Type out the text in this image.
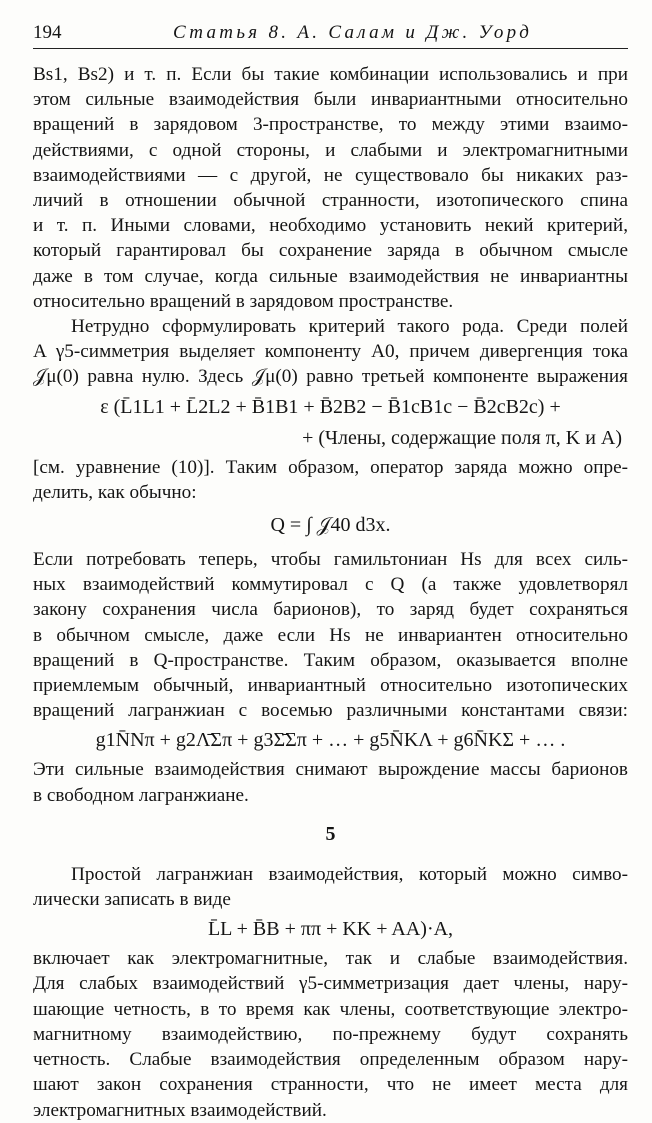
194	Статья 8. А. Салам и Дж. Уорд
Bs1, Bs2) и т. п. Если бы такие комбинации использовались и при
этом сильные взаимодействия были инвариантными относительно
вращений в зарядовом 3-пространстве, то между этими взаимо-
действиями, с одной стороны, и слабыми и электромагнитными
взаимодействиями — с другой, не существовало бы никаких раз-
личий в отношении обычной странности, изотопического спина
и т. п. Иными словами, необходимо установить некий критерий,
который гарантировал бы сохранение заряда в обычном смысле
даже в том случае, когда сильные взаимодействия не инвариантны
относительно вращений в зарядовом пространстве.
Нетрудно сформулировать критерий такого рода. Среди полей
A γ5-симметрия выделяет компоненту A0, причем дивергенция тока
𝒥μ(0) равна нулю. Здесь 𝒥μ(0) равно третьей компоненте выражения
ε (L̄1L1 + L̄2L2 + B̄1B1 + B̄2B2 − B̄1cB1c − B̄2cB2c) +
+ (Члены, содержащие поля π, K и A)
[см. уравнение (10)]. Таким образом, оператор заряда можно опре-
делить, как обычно:
Q = ∫ 𝒥40 d3x.
Если потребовать теперь, чтобы гамильтониан Hs для всех силь-
ных взаимодействий коммутировал с Q (а также удовлетворял
закону сохранения числа барионов), то заряд будет сохраняться
в обычном смысле, даже если Hs не инвариантен относительно
вращений в Q-пространстве. Таким образом, оказывается вполне
приемлемым обычный, инвариантный относительно изотопических
вращений лагранжиан с восемью различными константами связи:
g1N̄Nπ + g2Λ̄Σπ + g3Σ̄Σπ + … + g5N̄KΛ + g6N̄KΣ + … .
Эти сильные взаимодействия снимают вырождение массы барионов
в свободном лагранжиане.
5
Простой лагранжиан взаимодействия, который можно симво-
лически записать в виде
L̄L + B̄B + ππ + KK + AA)·A,
включает как электромагнитные, так и слабые взаимодействия.
Для слабых взаимодействий γ5-симметризация дает члены, нару-
шающие четность, в то время как члены, соответствующие электро-
магнитному взаимодействию, по-прежнему будут сохранять
четность. Слабые взаимодействия определенным образом нару-
шают закон сохранения странности, что не имеет места для
электромагнитных взаимодействий.
